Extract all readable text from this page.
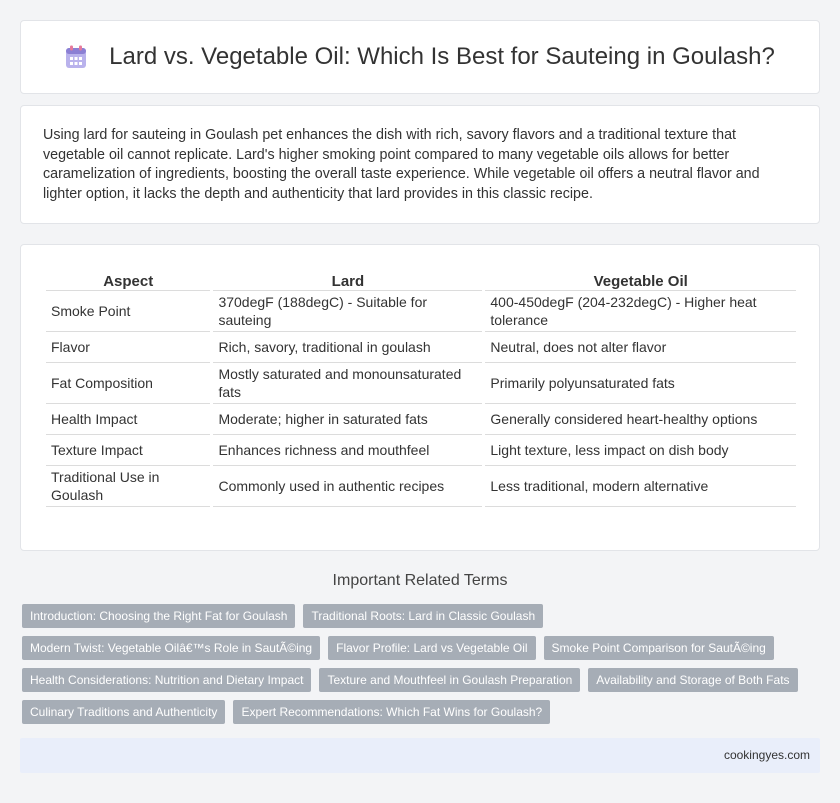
Lard vs. Vegetable Oil: Which Is Best for Sauteing in Goulash?

Using lard for sauteing in Goulash pet enhances the dish with rich, savory flavors and a traditional texture that vegetable oil cannot replicate. Lard's higher smoking point compared to many vegetable oils allows for better caramelization of ingredients, boosting the overall taste experience. While vegetable oil offers a neutral flavor and lighter option, it lacks the depth and authenticity that lard provides in this classic recipe.

Aspect	Lard	Vegetable Oil
Smoke Point	370degF (188degC) - Suitable for sauteing	400-450degF (204-232degC) - Higher heat tolerance
Flavor	Rich, savory, traditional in goulash	Neutral, does not alter flavor
Fat Composition	Mostly saturated and monounsaturated fats	Primarily polyunsaturated fats
Health Impact	Moderate; higher in saturated fats	Generally considered heart-healthy options
Texture Impact	Enhances richness and mouthfeel	Light texture, less impact on dish body
Traditional Use in Goulash	Commonly used in authentic recipes	Less traditional, modern alternative
Important Related Terms
Introduction: Choosing the Right Fat for Goulash	Traditional Roots: Lard in Classic Goulash
Modern Twist: Vegetable Oilâ€™s Role in SautÃ©ing	Flavor Profile: Lard vs Vegetable Oil	Smoke Point Comparison for SautÃ©ing
Health Considerations: Nutrition and Dietary Impact	Texture and Mouthfeel in Goulash Preparation	Availability and Storage of Both Fats
Culinary Traditions and Authenticity	Expert Recommendations: Which Fat Wins for Goulash?
cookingyes.com
